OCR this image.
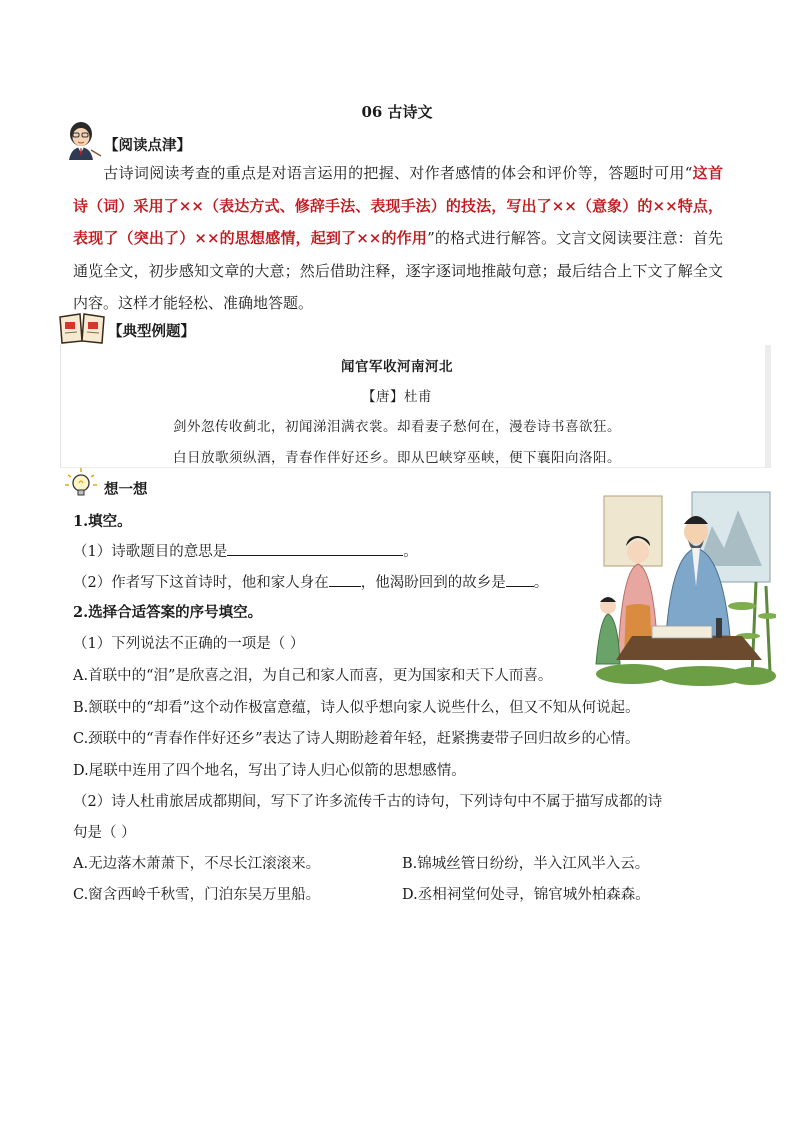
06 古诗文
【阅读点津】
古诗词阅读考查的重点是对语言运用的把握、对作者感情的体会和评价等，答题时可用“这首诗（词）采用了××（表达方式、修辞手法、表现手法）的技法，写出了××（意象）的××特点，表现了（突出了）××的思想感情，起到了××的作用”的格式进行解答。文言文阅读要注意：首先通览全文，初步感知文章的大意；然后借助注释，逐字逐词地推敲句意；最后结合上下文了解全文内容。这样才能轻松、准确地答题。
【典型例题】
闻官军收河南河北
【唐】杜甫
剑外忽传收蓟北，初闻涕泪满衣裳。却看妻子愁何在，漫卷诗书喜欲狂。
白日放歌须纵酒，青春作伴好还乡。即从巴峡穿巫峡，便下襄阳向洛阳。
想一想
1.填空。
（1）诗歌题目的意思是	。
（2）作者写下这首诗时，他和家人身在 ，他渴盼回到的故乡是 。
2.选择合适答案的序号填空。
（1）下列说法不正确的一项是（ ）
A.首联中的“泪”是欣喜之泪，为自己和家人而喜，更为国家和天下人而喜。
B.颔联中的“却看”这个动作极富意蕴，诗人似乎想向家人说些什么，但又不知从何说起。
C.颈联中的“青春作伴好还乡”表达了诗人期盼趁着年轻，赶紧携妻带子回归故乡的心情。
D.尾联中连用了四个地名，写出了诗人归心似箭的思想感情。
（2）诗人杜甫旅居成都期间，写下了许多流传千古的诗句，下列诗句中不属于描写成都的诗
句是（ ）
A.无边落木萧萧下，不尽长江滚滚来。	B.锦城丝管日纷纷，半入江风半入云。
C.窗含西岭千秋雪，门泊东吴万里船。	D.丞相祠堂何处寻，锦官城外柏森森。
